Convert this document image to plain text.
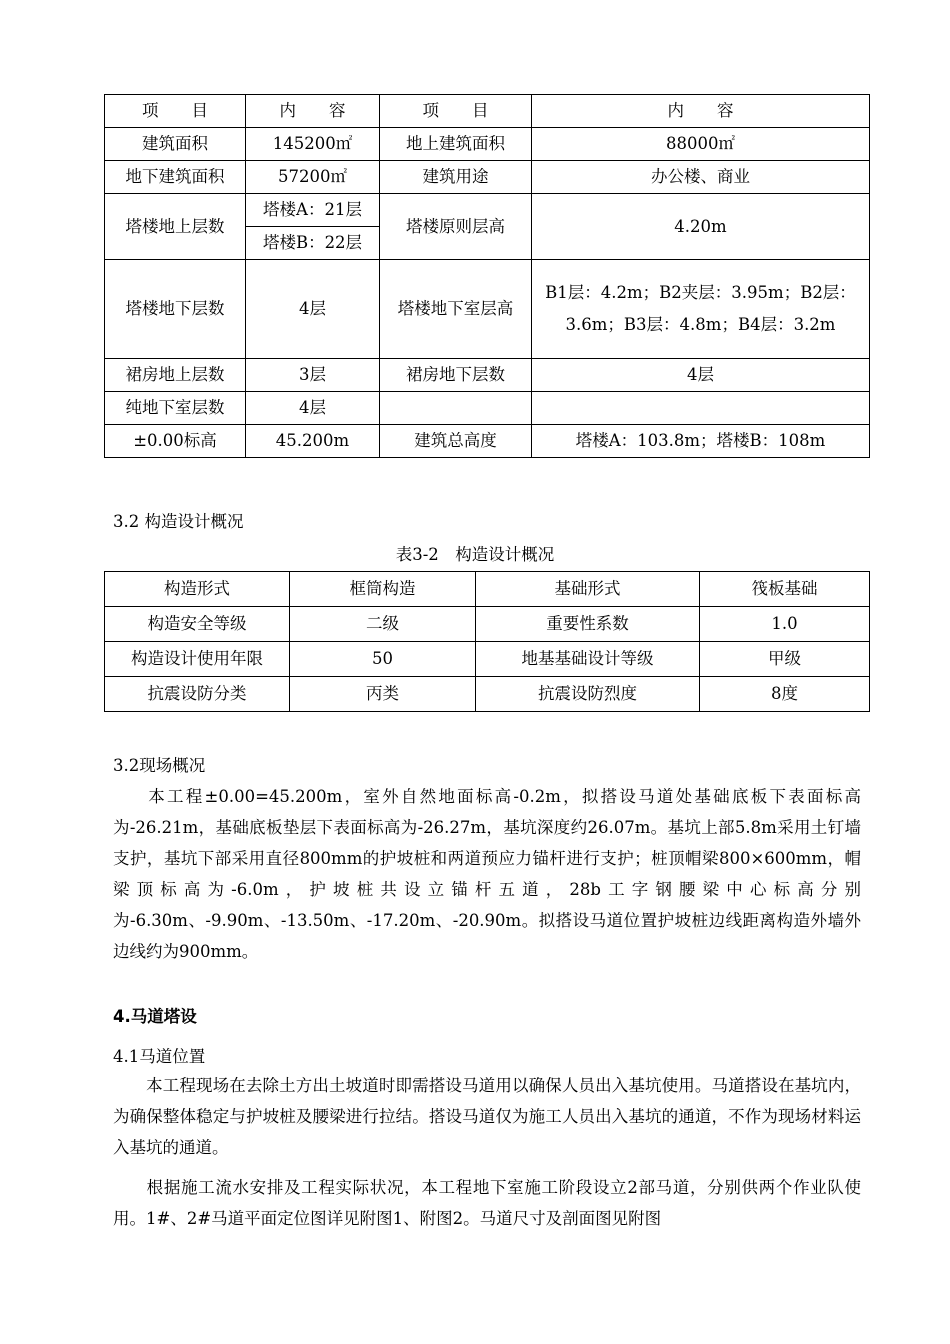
项　　目	内　　容	项　　目	内　　容
建筑面积	145200㎡	地上建筑面积	88000㎡
地下建筑面积	57200㎡	建筑用途	办公楼、商业
塔楼地上层数	塔楼A：21层	塔楼原则层高	4.20m
	塔楼B：22层		
塔楼地下层数	4层	塔楼地下室层高	B1层：4.2m；B2夹层：3.95m；B2层：3.6m；B3层：4.8m；B4层：3.2m
裙房地上层数	3层	裙房地下层数	4层
纯地下室层数	4层		
±0.00标高	45.200m	建筑总高度	塔楼A：103.8m；塔楼B：108m
3.2 构造设计概况
表3-2　构造设计概况
构造形式	框筒构造	基础形式	筏板基础
构造安全等级	二级	重要性系数	1.0
构造设计使用年限	50	地基基础设计等级	甲级
抗震设防分类	丙类	抗震设防烈度	8度
3.2现场概况

本工程±0.00=45.200m，室外自然地面标高-0.2m，拟搭设马道处基础底板下表面标高为-26.21m，基础底板垫层下表面标高为-26.27m，基坑深度约26.07m。基坑上部5.8m采用土钉墙支护，基坑下部采用直径800mm的护坡桩和两道预应力锚杆进行支护；桩顶帽梁800×600mm，帽梁顶标高为-6.0m，护坡桩共设立锚杆五道，28b工字钢腰梁中心标高分别为-6.30m、-9.90m、-13.50m、-17.20m、-20.90m。拟搭设马道位置护坡桩边线距离构造外墙外边线约为900mm。

4.马道塔设
4.1马道位置

本工程现场在去除土方出土坡道时即需搭设马道用以确保人员出入基坑使用。马道搭设在基坑内，为确保整体稳定与护坡桩及腰梁进行拉结。搭设马道仅为施工人员出入基坑的通道，不作为现场材料运入基坑的通道。

根据施工流水安排及工程实际状况，本工程地下室施工阶段设立2部马道，分别供两个作业队使用。1#、2#马道平面定位图详见附图1、附图2。马道尺寸及剖面图见附图
